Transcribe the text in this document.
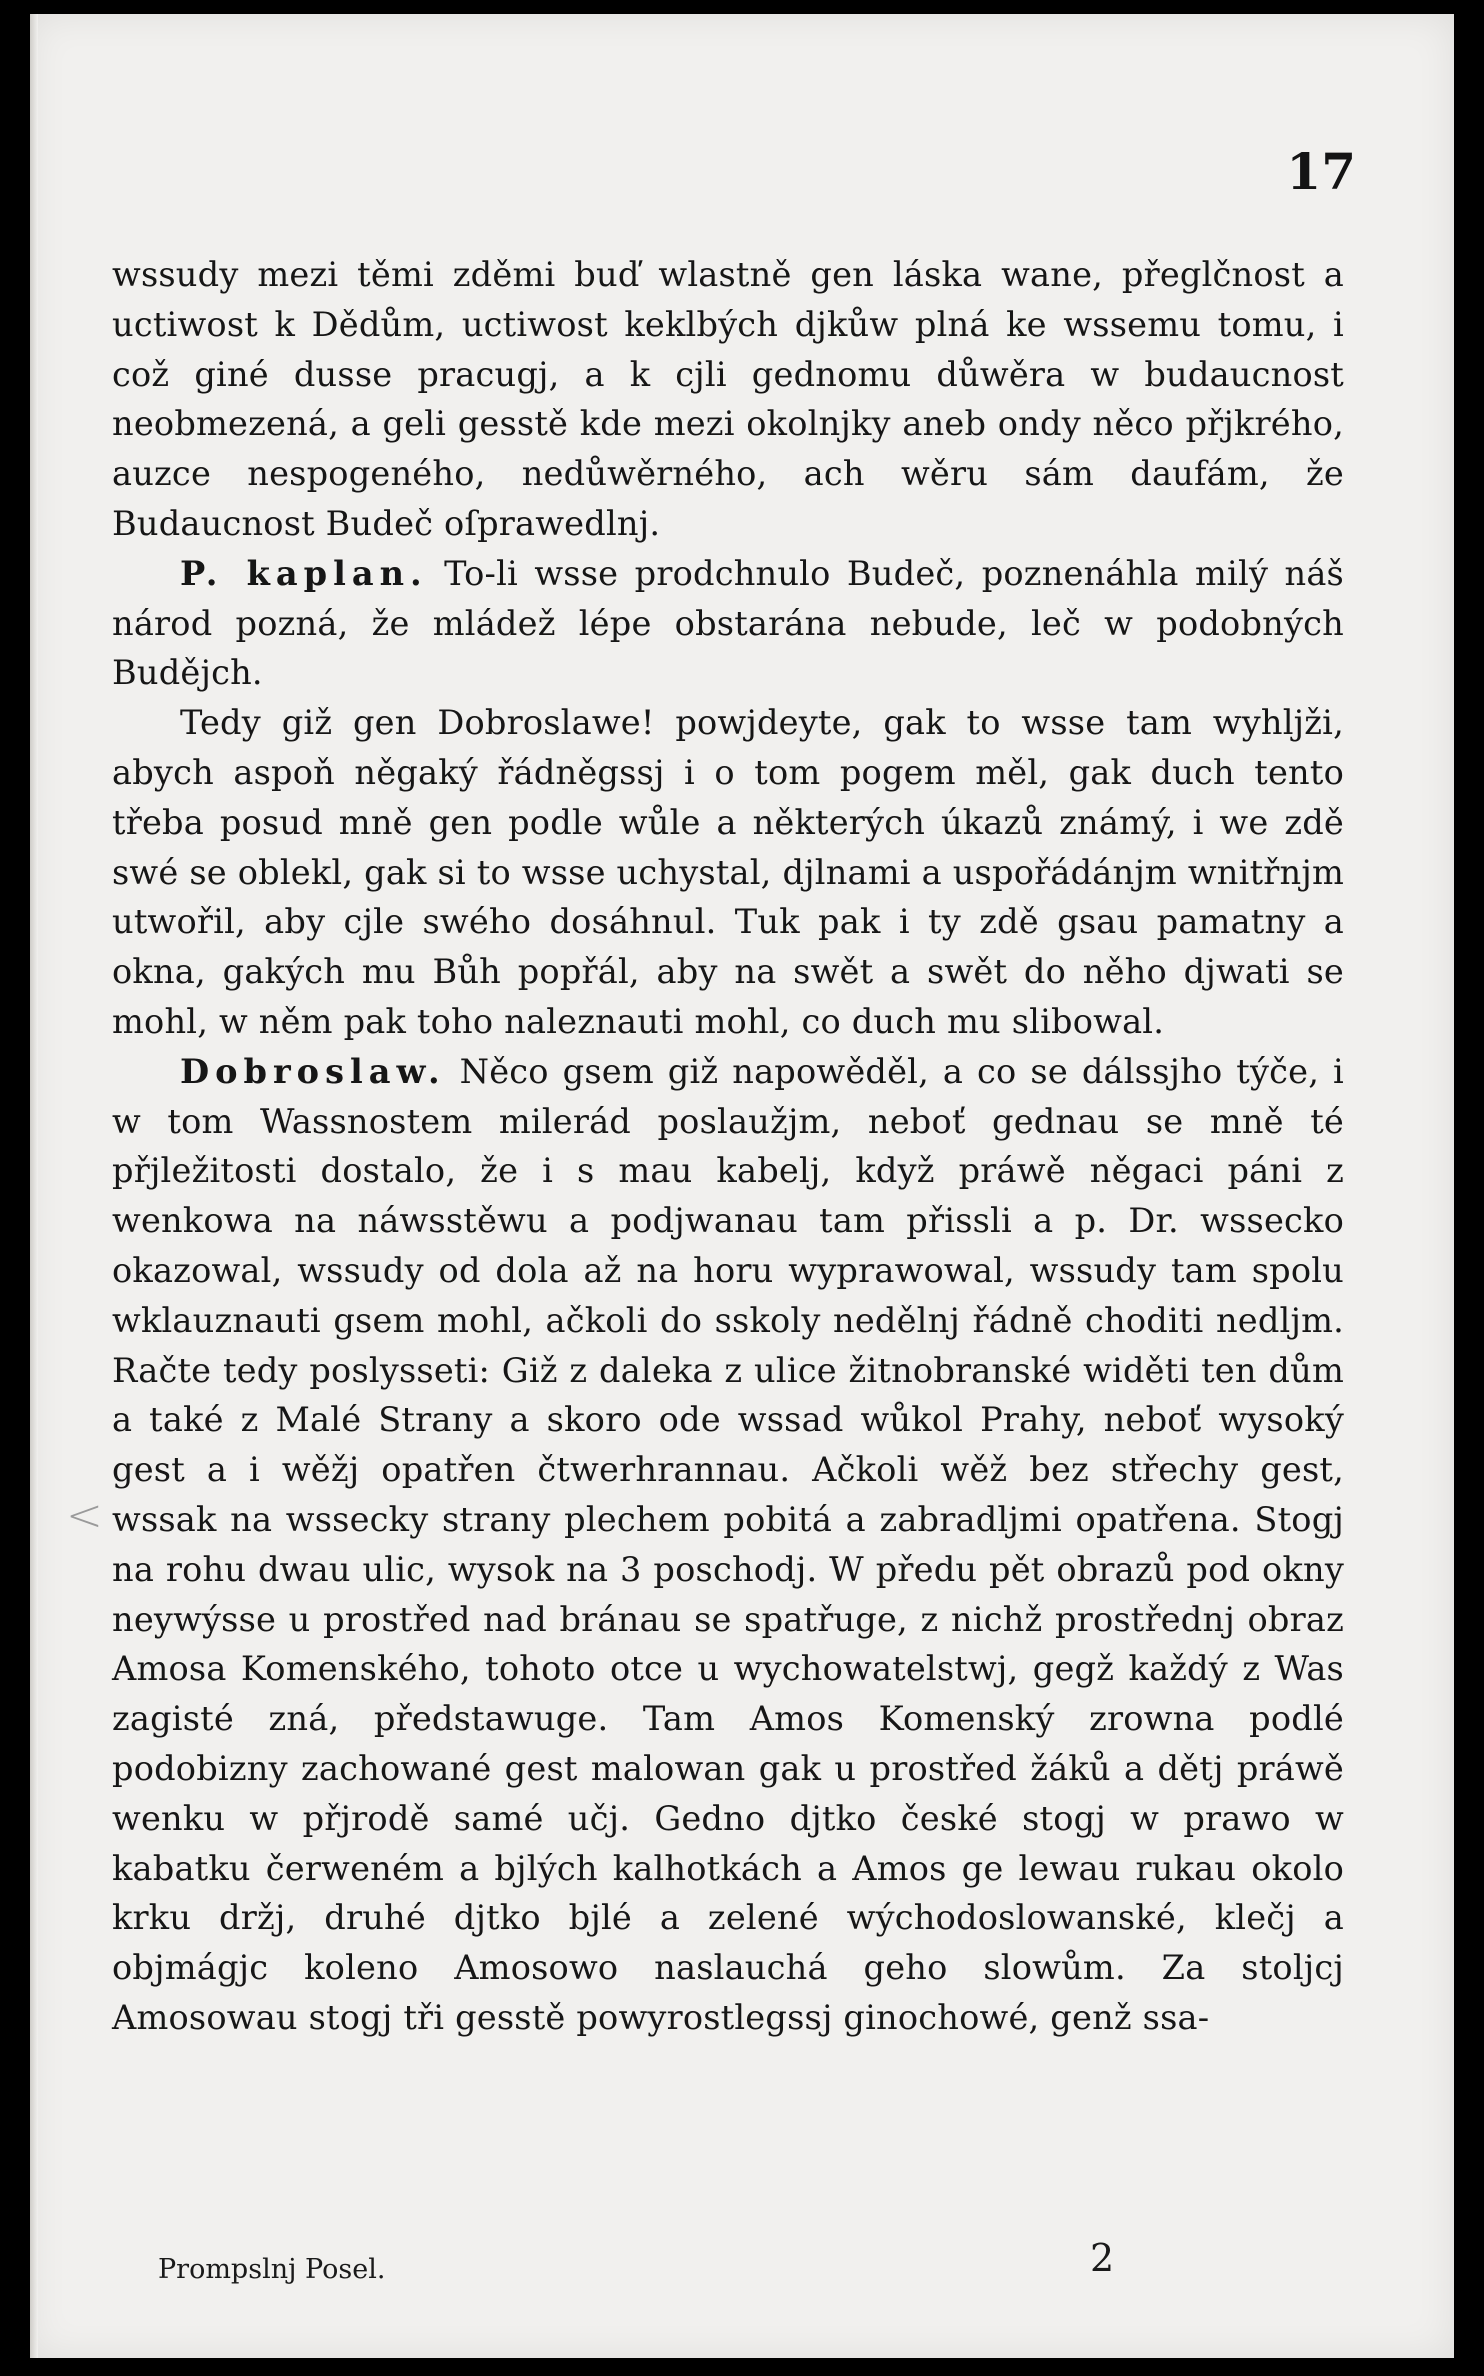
17
<

wssudy mezi těmi zděmi buď wlastně gen láska wane, přeglčnost a uctiwost k Dědům, uctiwost keklbých djkůw plná ke wssemu tomu, i což giné dusse pracugj, a k cjli gednomu důwěra w budaucnost neobmezená, a geli gesstě kde mezi okolnjky aneb ondy něco přjkrého, auzce nespogeného, nedůwěrného, ach wěru sám daufám, že Budaucnost Budeč oſprawedlnj.

P. kaplan. To-li wsse prodchnulo Budeč, poznenáhla milý náš národ pozná, že mládež lépe obstarána nebude, leč w podobných Budějch.

Tedy giž gen Dobroslawe! powjdeyte, gak to wsse tam wyhljži, abych aspoň něgaký řádněgssj i o tom pogem měl, gak duch tento třeba posud mně gen podle wůle a některých úkazů známý, i we zdě swé se oblekl, gak si to wsse uchystal, djlnami a uspořádánjm wnitřnjm utwořil, aby cjle swého dosáhnul. Tuk pak i ty zdě gsau pamatny a okna, gakých mu Bůh popřál, aby na swět a swět do něho djwati se mohl, w něm pak toho naleznauti mohl, co duch mu slibowal.

Dobroslaw. Něco gsem giž napowěděl, a co se dálssjho týče, i w tom Wassnostem milerád poslaužjm, neboť gednau se mně té přjležitosti dostalo, že i s mau kabelj, když práwě něgaci páni z wenkowa na náwsstěwu a podjwanau tam přissli a p. Dr. wssecko okazowal, wssudy od dola až na horu wyprawowal, wssudy tam spolu wklauznauti gsem mohl, ačkoli do sskoly nedělnj řádně choditi nedljm. Račte tedy poslysseti: Giž z daleka z ulice žitnobranské widěti ten dům a také z Malé Strany a skoro ode wssad wůkol Prahy, neboť wysoký gest a i wěžj opatřen čtwerhrannau. Ačkoli wěž bez střechy gest, wssak na wssecky strany plechem pobitá a zabradljmi opatřena. Stogj na rohu dwau ulic, wysok na 3 poschodj. W předu pět obrazů pod okny neywýsse u prostřed nad bránau se spatřuge, z nichž prostřednj obraz Amosa Komenského, tohoto otce u wychowatelstwj, gegž každý z Was zagisté zná, předstawuge. Tam Amos Komenský zrowna podlé podobizny zachowané gest malowan gak u prostřed žáků a dětj práwě wenku w přjrodě samé učj. Gedno djtko české stogj w prawo w kabatku čerweném a bjlých kalhotkách a Amos ge lewau rukau okolo krku držj, druhé djtko bjlé a zelené wýchodoslowanské, klečj a objmágjc koleno Amosowo naslauchá geho slowům. Za stoljcj Amosowau stogj tři gesstě powyrostlegssj ginochowé, genž ssa-

Prompslnj Posel.	2
